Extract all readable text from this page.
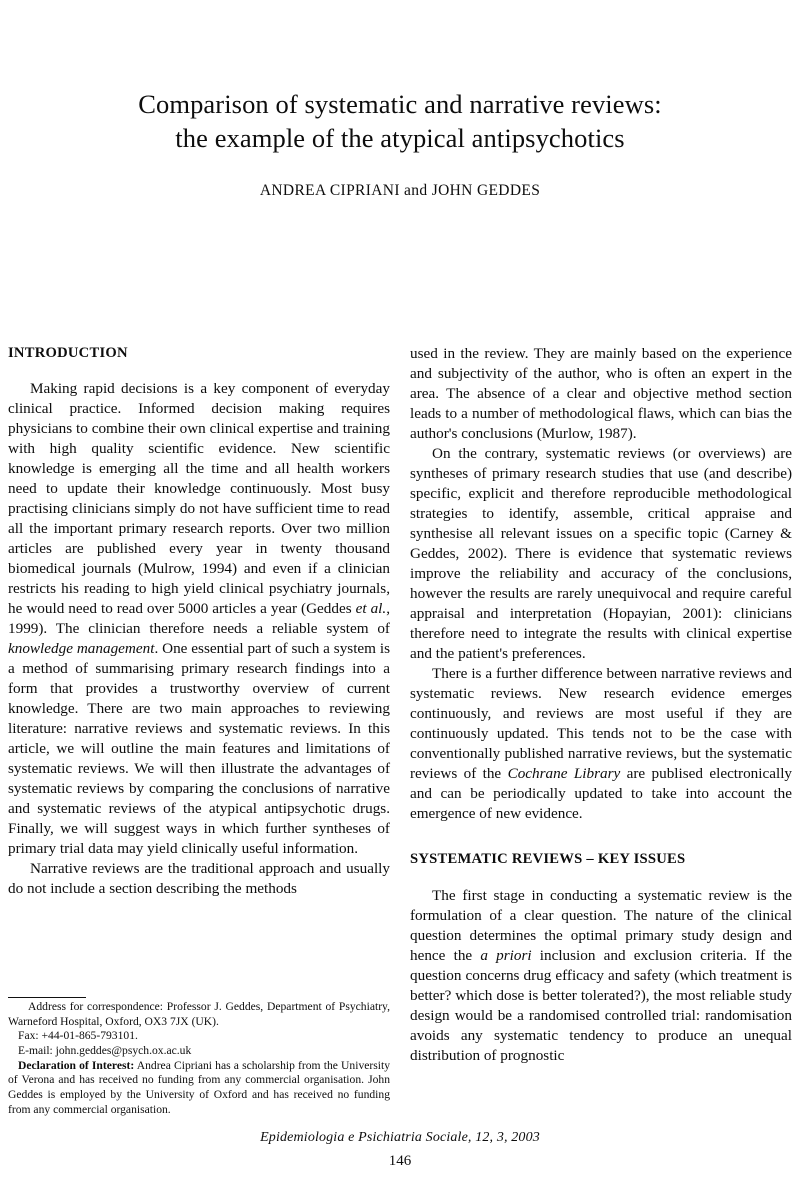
Comparison of systematic and narrative reviews:
the example of the atypical antipsychotics
ANDREA CIPRIANI and JOHN GEDDES
INTRODUCTION

Making rapid decisions is a key component of everyday clinical practice. Informed decision making requires physicians to combine their own clinical expertise and training with high quality scientific evidence. New scientific knowledge is emerging all the time and all health workers need to update their knowledge continuously. Most busy practising clinicians simply do not have sufficient time to read all the important primary research reports. Over two million articles are published every year in twenty thousand biomedical journals (Mulrow, 1994) and even if a clinician restricts his reading to high yield clinical psychiatry journals, he would need to read over 5000 articles a year (Geddes et al., 1999). The clinician therefore needs a reliable system of knowledge management. One essential part of such a system is a method of summarising primary research findings into a form that provides a trustworthy overview of current knowledge. There are two main approaches to reviewing literature: narrative reviews and systematic reviews. In this article, we will outline the main features and limitations of systematic reviews. We will then illustrate the advantages of systematic reviews by comparing the conclusions of narrative and systematic reviews of the atypical antipsychotic drugs. Finally, we will suggest ways in which further syntheses of primary trial data may yield clinically useful information.

Narrative reviews are the traditional approach and usually do not include a section describing the methods

used in the review. They are mainly based on the experience and subjectivity of the author, who is often an expert in the area. The absence of a clear and objective method section leads to a number of methodological flaws, which can bias the author's conclusions (Murlow, 1987).

On the contrary, systematic reviews (or overviews) are syntheses of primary research studies that use (and describe) specific, explicit and therefore reproducible methodological strategies to identify, assemble, critical appraise and synthesise all relevant issues on a specific topic (Carney & Geddes, 2002). There is evidence that systematic reviews improve the reliability and accuracy of the conclusions, however the results are rarely unequivocal and require careful appraisal and interpretation (Hopayian, 2001): clinicians therefore need to integrate the results with clinical expertise and the patient's preferences.

There is a further difference between narrative reviews and systematic reviews. New research evidence emerges continuously, and reviews are most useful if they are continuously updated. This tends not to be the case with conventionally published narrative reviews, but the systematic reviews of the Cochrane Library are publised electronically and can be periodically updated to take into account the emergence of new evidence.

SYSTEMATIC REVIEWS – KEY ISSUES

The first stage in conducting a systematic review is the formulation of a clear question. The nature of the clinical question determines the optimal primary study design and hence the a priori inclusion and exclusion criteria. If the question concerns drug efficacy and safety (which treatment is better? which dose is better tolerated?), the most reliable study design would be a randomised controlled trial: randomisation avoids any systematic tendency to produce an unequal distribution of prognostic

Address for correspondence: Professor J. Geddes, Department of Psychiatry, Warneford Hospital, Oxford, OX3 7JX (UK).

Fax: +44-01-865-793101.

E-mail: john.geddes@psych.ox.ac.uk

Declaration of Interest: Andrea Cipriani has a scholarship from the University of Verona and has received no funding from any commercial organisation. John Geddes is employed by the University of Oxford and has received no funding from any commercial organisation.

Epidemiologia e Psichiatria Sociale, 12, 3, 2003
146
